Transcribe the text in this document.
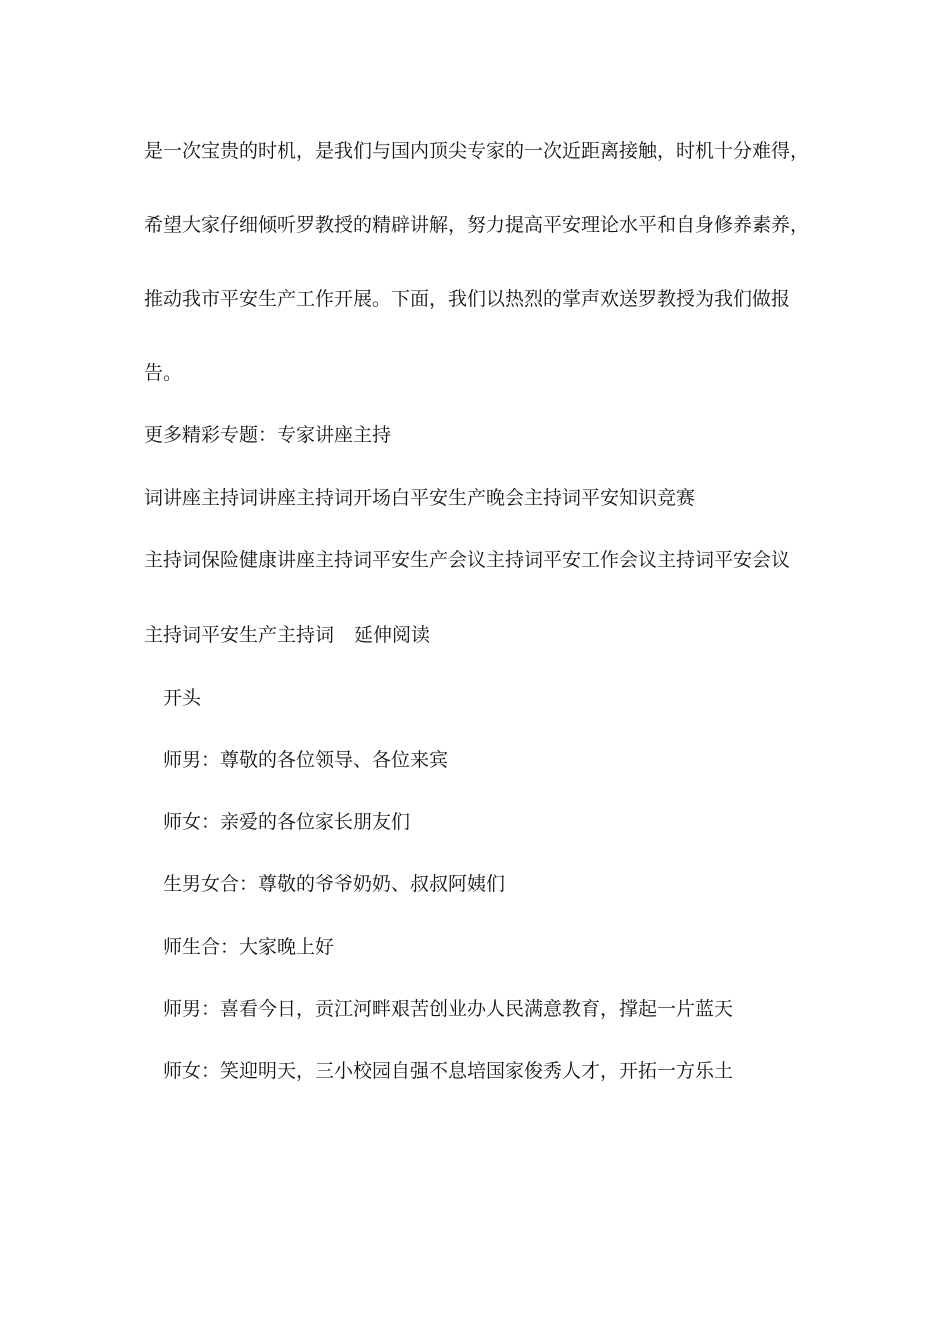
是一次宝贵的时机，是我们与国内顶尖专家的一次近距离接触，时机十分难得，
希望大家仔细倾听罗教授的精辟讲解，努力提高平安理论水平和自身修养素养，
推动我市平安生产工作开展。下面，我们以热烈的掌声欢送罗教授为我们做报
告。
更多精彩专题：专家讲座主持
词讲座主持词讲座主持词开场白平安生产晚会主持词平安知识竞赛
主持词保险健康讲座主持词平安生产会议主持词平安工作会议主持词平安会议
主持词平安生产主持词 延伸阅读
开头
师男：尊敬的各位领导、各位来宾
师女：亲爱的各位家长朋友们
生男女合：尊敬的爷爷奶奶、叔叔阿姨们
师生合：大家晚上好
师男：喜看今日，贡江河畔艰苦创业办人民满意教育，撑起一片蓝天
师女：笑迎明天，三小校园自强不息培国家俊秀人才，开拓一方乐土
